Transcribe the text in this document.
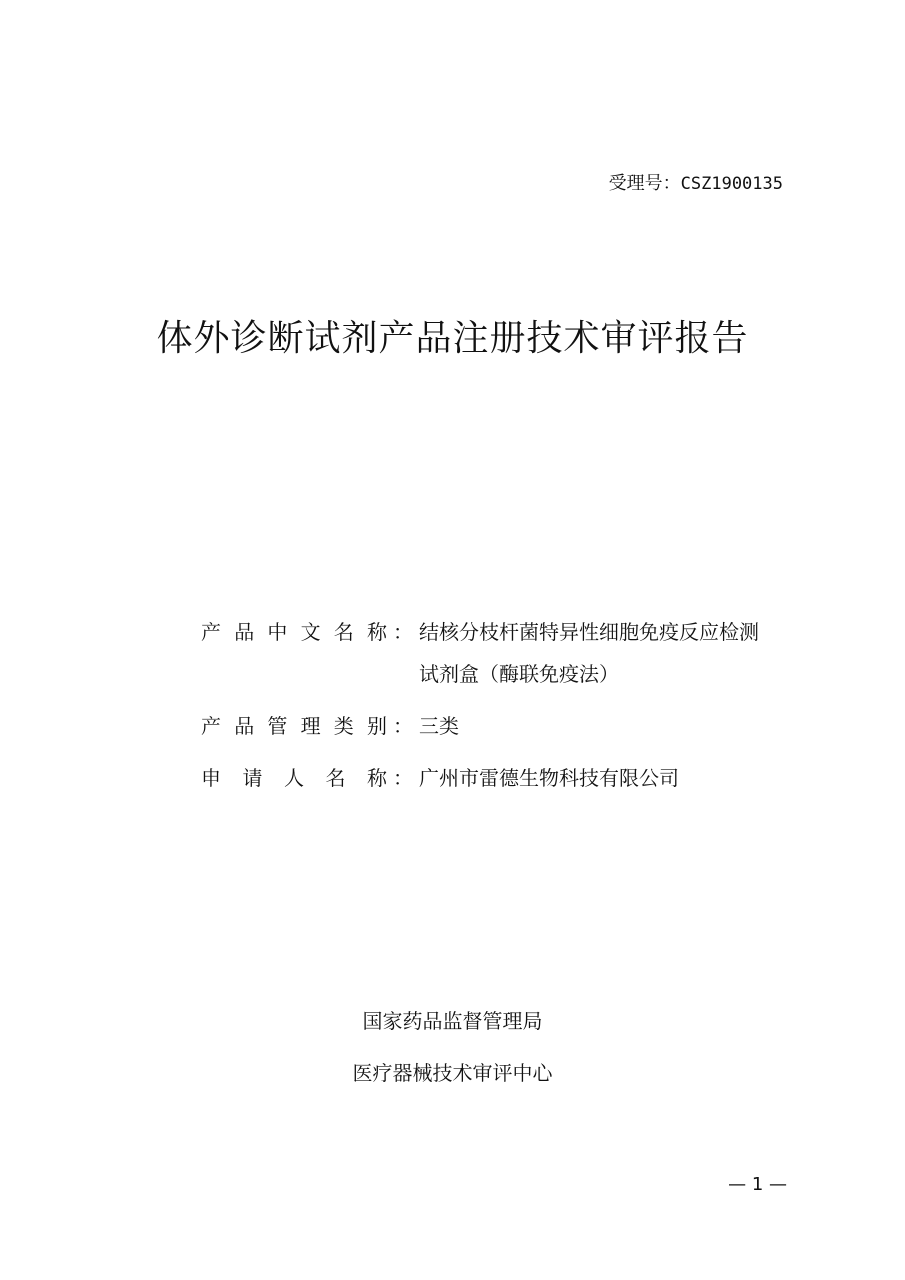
受理号：CSZ1900135
体外诊断试剂产品注册技术审评报告
产 品 中 文 名 称 ： 结核分枝杆菌特异性细胞免疫反应检测试剂盒（酶联免疫法）
产 品 管 理 类 别 ： 三类
申 请 人 名 称 ： 广州市雷德生物科技有限公司
国家药品监督管理局
医疗器械技术审评中心
— 1 —
